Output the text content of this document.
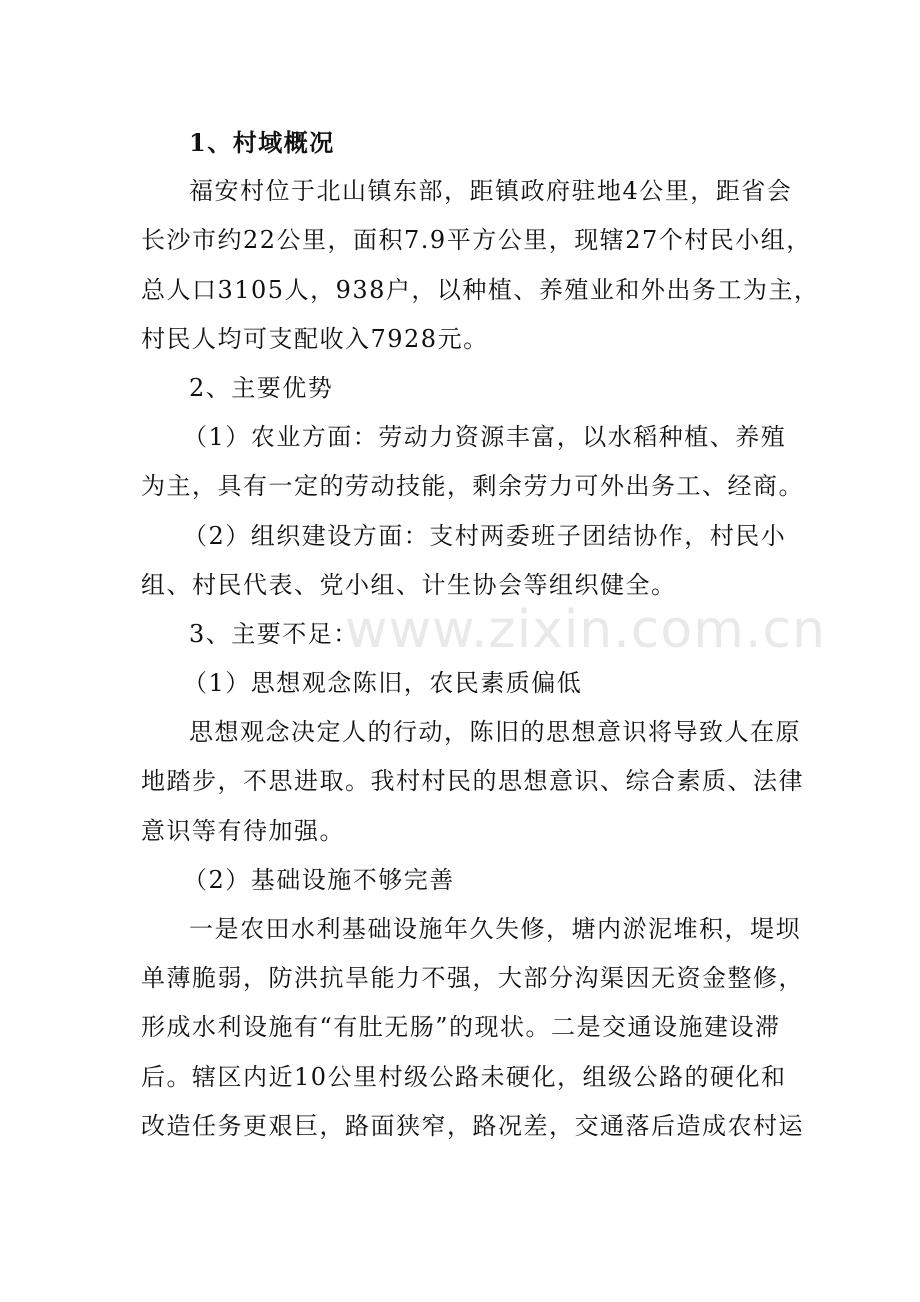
www.zixin.com.cn
1、村域概况
福安村位于北山镇东部，距镇政府驻地4公里，距省会
长沙市约22公里，面积7.9平方公里，现辖27个村民小组，
总人口3105人，938户，以种植、养殖业和外出务工为主，
村民人均可支配收入7928元。
2、主要优势
（1）农业方面：劳动力资源丰富，以水稻种植、养殖
为主，具有一定的劳动技能，剩余劳力可外出务工、经商。
（2）组织建设方面：支村两委班子团结协作，村民小
组、村民代表、党小组、计生协会等组织健全。
3、主要不足：
（1）思想观念陈旧，农民素质偏低
思想观念决定人的行动，陈旧的思想意识将导致人在原
地踏步，不思进取。我村村民的思想意识、综合素质、法律
意识等有待加强。
（2）基础设施不够完善
一是农田水利基础设施年久失修，塘内淤泥堆积，堤坝
单薄脆弱，防洪抗旱能力不强，大部分沟渠因无资金整修，
形成水利设施有“有肚无肠”的现状。二是交通设施建设滞
后。辖区内近10公里村级公路未硬化，组级公路的硬化和
改造任务更艰巨，路面狭窄，路况差，交通落后造成农村运
